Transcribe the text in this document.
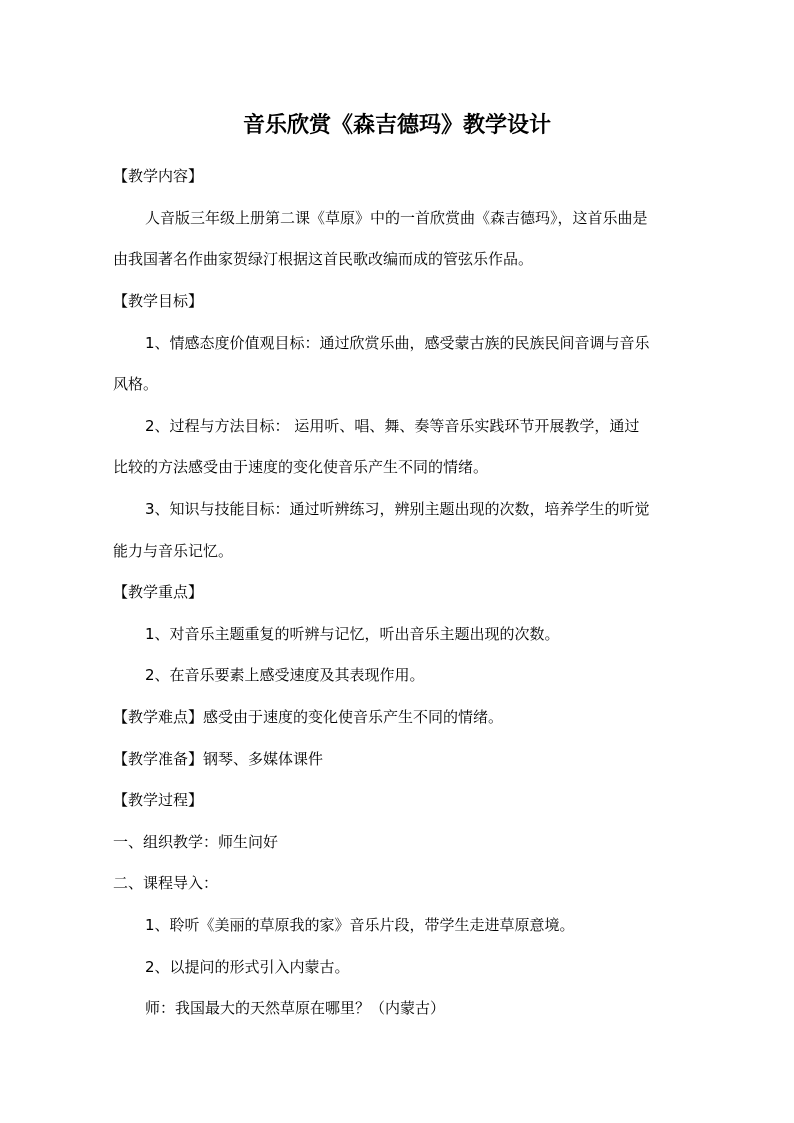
音乐欣赏《森吉德玛》教学设计

【教学内容】

人音版三年级上册第二课《草原》中的一首欣赏曲《森吉德玛》，这首乐曲是

由我国著名作曲家贺绿汀根据这首民歌改编而成的管弦乐作品。

【教学目标】

1、情感态度价值观目标：通过欣赏乐曲，感受蒙古族的民族民间音调与音乐

风格。

2、过程与方法目标： 运用听、唱、舞、奏等音乐实践环节开展教学，通过

比较的方法感受由于速度的变化使音乐产生不同的情绪。

3、知识与技能目标：通过听辨练习，辨别主题出现的次数，培养学生的听觉

能力与音乐记忆。

【教学重点】

1、对音乐主题重复的听辨与记忆，听出音乐主题出现的次数。

2、在音乐要素上感受速度及其表现作用。

【教学难点】感受由于速度的变化使音乐产生不同的情绪。

【教学准备】钢琴、多媒体课件

【教学过程】

一、组织教学：师生问好

二、课程导入：

1、聆听《美丽的草原我的家》音乐片段，带学生走进草原意境。

2、以提问的形式引入内蒙古。

师：我国最大的天然草原在哪里？（内蒙古）
